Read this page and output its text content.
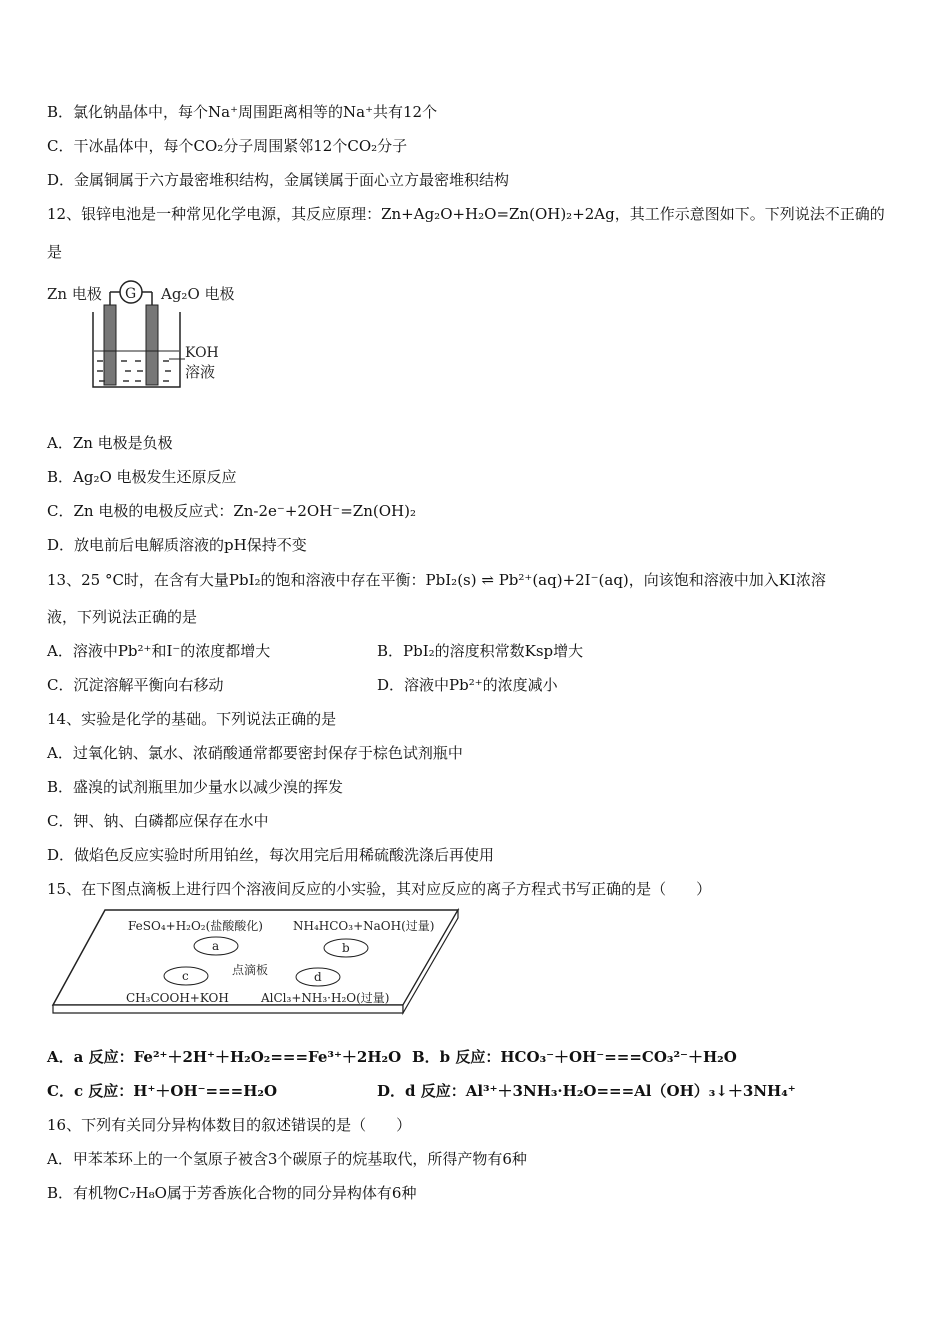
B．氯化钠晶体中，每个Na⁺周围距离相等的Na⁺共有12个
C．干冰晶体中，每个CO₂分子周围紧邻12个CO₂分子
D．金属铜属于六方最密堆积结构，金属镁属于面心立方最密堆积结构
12、银锌电池是一种常见化学电源，其反应原理：Zn+Ag₂O+H₂O=Zn(OH)₂+2Ag，其工作示意图如下。下列说法不正确的
是
Zn 电极	Ag₂O 电极
G
KOH
溶液
A．Zn 电极是负极
B．Ag₂O 电极发生还原反应
C．Zn 电极的电极反应式：Zn-2e⁻+2OH⁻=Zn(OH)₂
D．放电前后电解质溶液的pH保持不变
13、25 °C时，在含有大量PbI₂的饱和溶液中存在平衡：PbI₂(s) ⇌ Pb²⁺(aq)+2I⁻(aq)，向该饱和溶液中加入KI浓溶
液，下列说法正确的是
A．溶液中Pb²⁺和I⁻的浓度都增大	B．PbI₂的溶度积常数Ksp增大
C．沉淀溶解平衡向右移动	D．溶液中Pb²⁺的浓度减小
14、实验是化学的基础。下列说法正确的是
A．过氧化钠、氯水、浓硝酸通常都要密封保存于棕色试剂瓶中
B．盛溴的试剂瓶里加少量水以减少溴的挥发
C．钾、钠、白磷都应保存在水中
D．做焰色反应实验时所用铂丝，每次用完后用稀硫酸洗涤后再使用
15、在下图点滴板上进行四个溶液间反应的小实验，其对应反应的离子方程式书写正确的是（　　）
FeSO₄+H₂O₂(盐酸酸化)	NH₄HCO₃+NaOH(过量)
a	b
点滴板
c	d
CH₃COOH+KOH	AlCl₃+NH₃·H₂O(过量)
A．a 反应：Fe²⁺＋2H⁺＋H₂O₂===Fe³⁺＋2H₂O B．b 反应：HCO₃⁻＋OH⁻===CO₃²⁻＋H₂O
C．c 反应：H⁺＋OH⁻===H₂O	D．d 反应：Al³⁺＋3NH₃·H₂O===Al（OH）₃↓＋3NH₄⁺
16、下列有关同分异构体数目的叙述错误的是（　　）
A．甲苯苯环上的一个氢原子被含3个碳原子的烷基取代，所得产物有6种
B．有机物C₇H₈O属于芳香族化合物的同分异构体有6种
